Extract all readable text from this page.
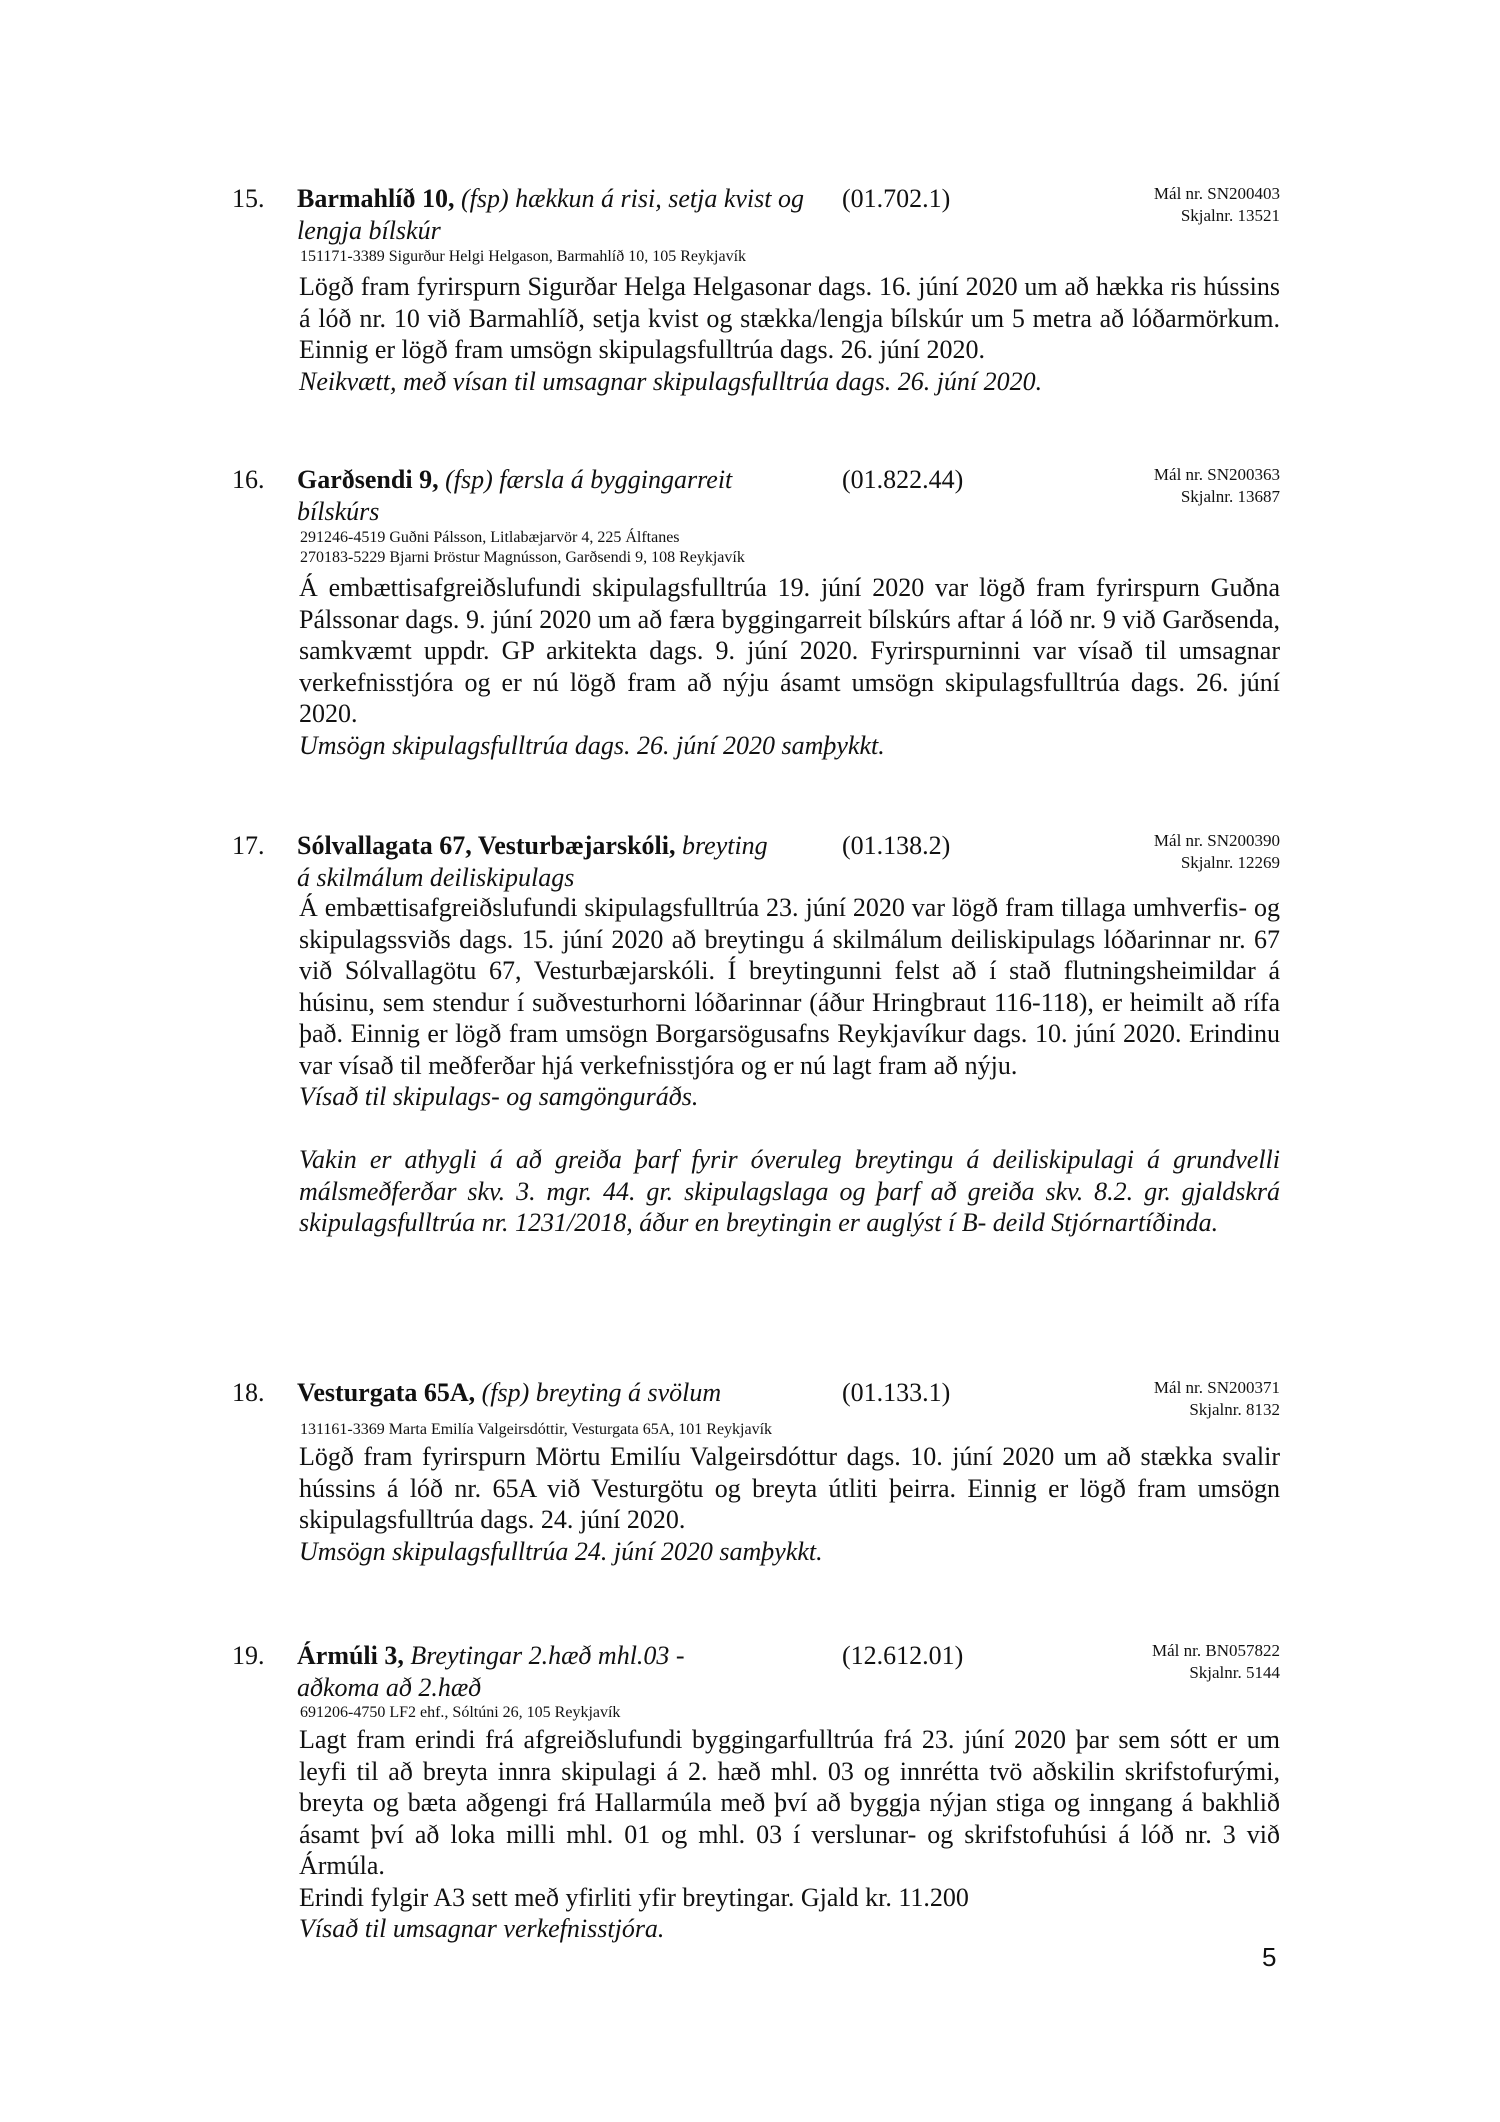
15. Barmahlíð 10, (fsp) hækkun á risi, setja kvist og lengja bílskúr
(01.702.1)	Mál nr. SN200403
Skjalnr. 13521
151171-3389 Sigurður Helgi Helgason, Barmahlíð 10, 105 Reykjavík

Lögð fram fyrirspurn Sigurðar Helga Helgasonar dags. 16. júní 2020 um að hækka ris hússins á lóð nr. 10 við Barmahlíð, setja kvist og stækka/lengja bílskúr um 5 metra að lóðarmörkum. Einnig er lögð fram umsögn skipulagsfulltrúa dags. 26. júní 2020.

Neikvætt, með vísan til umsagnar skipulagsfulltrúa dags. 26. júní 2020.

16. Garðsendi 9, (fsp) færsla á byggingarreit bílskúrs
(01.822.44)	Mál nr. SN200363
Skjalnr. 13687
291246-4519 Guðni Pálsson, Litlabæjarvör 4, 225 Álftanes
270183-5229 Bjarni Þröstur Magnússon, Garðsendi 9, 108 Reykjavík

Á embættisafgreiðslufundi skipulagsfulltrúa 19. júní 2020 var lögð fram fyrirspurn Guðna Pálssonar dags. 9. júní 2020 um að færa byggingarreit bílskúrs aftar á lóð nr. 9 við Garðsenda, samkvæmt uppdr. GP arkitekta dags. 9. júní 2020. Fyrirspurninni var vísað til umsagnar verkefnisstjóra og er nú lögð fram að nýju ásamt umsögn skipulagsfulltrúa dags. 26. júní 2020.

Umsögn skipulagsfulltrúa dags. 26. júní 2020 samþykkt.

17. Sólvallagata 67, Vesturbæjarskóli, breyting á skilmálum deiliskipulags
(01.138.2)	Mál nr. SN200390
Skjalnr. 12269

Á embættisafgreiðslufundi skipulagsfulltrúa 23. júní 2020 var lögð fram tillaga umhverfis- og skipulagssviðs dags. 15. júní 2020 að breytingu á skilmálum deiliskipulags lóðarinnar nr. 67 við Sólvallagötu 67, Vesturbæjarskóli. Í breytingunni felst að í stað flutningsheimildar á húsinu, sem stendur í suðvesturhorni lóðarinnar (áður Hringbraut 116-118), er heimilt að rífa það. Einnig er lögð fram umsögn Borgarsögusafns Reykjavíkur dags. 10. júní 2020. Erindinu var vísað til meðferðar hjá verkefnisstjóra og er nú lagt fram að nýju.

Vísað til skipulags- og samgönguráðs.

Vakin er athygli á að greiða þarf fyrir óveruleg breytingu á deiliskipulagi á grundvelli málsmeðferðar skv. 3. mgr. 44. gr. skipulagslaga og þarf að greiða skv. 8.2. gr. gjaldskrá skipulagsfulltrúa nr. 1231/2018, áður en breytingin er auglýst í B- deild Stjórnartíðinda.

18. Vesturgata 65A, (fsp) breyting á svölum	(01.133.1)	Mál nr. SN200371
Skjalnr. 8132
131161-3369 Marta Emilía Valgeirsdóttir, Vesturgata 65A, 101 Reykjavík

Lögð fram fyrirspurn Mörtu Emilíu Valgeirsdóttur dags. 10. júní 2020 um að stækka svalir hússins á lóð nr. 65A við Vesturgötu og breyta útliti þeirra. Einnig er lögð fram umsögn skipulagsfulltrúa dags. 24. júní 2020.

Umsögn skipulagsfulltrúa 24. júní 2020 samþykkt.

19. Ármúli 3, Breytingar 2.hæð mhl.03 - aðkoma að 2.hæð
(12.612.01)	Mál nr. BN057822
Skjalnr. 5144
691206-4750 LF2 ehf., Sóltúni 26, 105 Reykjavík

Lagt fram erindi frá afgreiðslufundi byggingarfulltrúa frá 23. júní 2020 þar sem sótt er um leyfi til að breyta innra skipulagi á 2. hæð mhl. 03 og innrétta tvö aðskilin skrifstofurými, breyta og bæta aðgengi frá Hallarmúla með því að byggja nýjan stiga og inngang á bakhlið ásamt því að loka milli mhl. 01 og mhl. 03 í verslunar- og skrifstofuhúsi á lóð nr. 3 við Ármúla.

Erindi fylgir A3 sett með yfirliti yfir breytingar. Gjald kr. 11.200

Vísað til umsagnar verkefnisstjóra.

5
